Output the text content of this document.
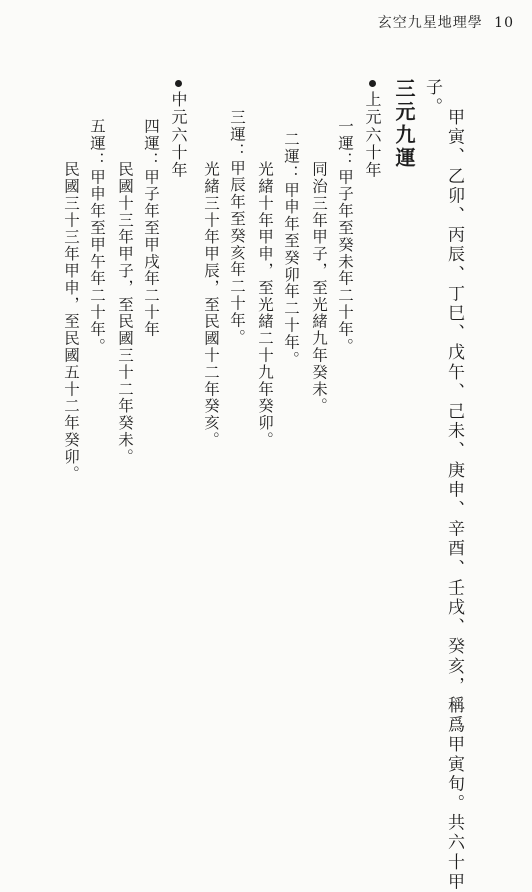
玄空九星地理學 10
子。
甲寅、乙卯、丙辰、丁巳、戊午、己未、庚申、辛酉、壬戌、癸亥，稱爲甲寅旬。共六十甲
三元九運
上元六十年
一運：甲子年至癸未年二十年。
同治三年甲子，至光緒九年癸未。
二運：甲申年至癸卯年二十年。
光緒十年甲申，至光緒二十九年癸卯。
三運：甲辰年至癸亥年二十年。
光緒三十年甲辰，至民國十二年癸亥。
中元六十年
四運：甲子年至甲戌年二十年
民國十三年甲子，至民國三十二年癸未。
五運：甲申年至甲午年二十年。
民國三十三年甲申，至民國五十二年癸卯。
